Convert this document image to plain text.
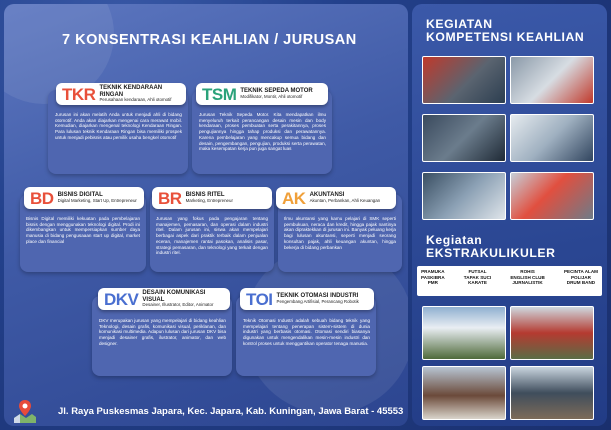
7 KONSENTRASI KEAHLIAN / JURUSAN
Jurusan ini akan melatih Anda untuk menjadi ahli di bidang otomotif. Anda akan diajarkan mengenai cara merawat mobil. Kemudian, diajarkan mengenal teknologi Kendaraan Ringan. Para lulusan teknik Kendaraan Ringan bisa memiliki prospek untuk menjadi pebisnis atau pemilik usaha bengkel otomotif
TKR TEKNIK KENDARAAN RINGAN
Perusahaan kendaraan, Ahli otomotif
Jurusan Teknik Sepeda Motor. Kita mendapatkan ilmu menyeluruh terkait perancangan desain mesin dan body kendaraan, proses pembuatan serta perakitannya, proses pengujiannya hingga tahap produksi dan perawatannya. Karena pembelajaran yang mencakup semua bidang dan desain, pengembangan, pengujian, produksi serta perawatan, maka kesempatan kerja pun juga sangat luas
TSM TEKNIK SEPEDA MOTOR
Modifikator, Montir, Ahli otomotif
Bisnis Digital memiliki kekuatan pada pembelajaran bisnis dengan menggunakan teknologi digital. Prodi ini dikembangkan untuk mempersiapkan sumber daya manusia di bidang pengusaaan start up digital, market place dan financial
BD BISNIS DIGITAL
Digital Marketing, Start Up, Entrepreneur
Jurusan yang fokus pada pengajaran tentang manajemen, pemasaran, dan operasi dalam industri ritel. Dalam jurusan ini, siswa akan mempelajari berbagai aspek dari praktik terbaik dalam penjualan eceran, manajemen rantai pasokan, analisis pasar, strategi pemasaran, dan teknologi yang terkait dengan industri ritel.
BR BISNIS RITEL
Marketing, Entrepreneur
Ilmu akuntansi yang kamu pelajari di SMK seperti pembukuan, neraca dan kredit, hingga pajak nantinya akan dipraktekkan di jurusan ini. Banyak peluang kerja bagi lulusan akuntansi, seperti menjadi seorang konsultan pajak, ahli keuangan akuntan, hingga bekerja di bidang perbankan
AK AKUNTANSI
Akuntan, Perbankan, Ahli Keuangan
DKV merupakan jurusan yang mempelajari di bidang keahlian Teknologi, desain grafis, komunikasi visual, periklanan, dan komunikasi multimedia. Adapun lulusan dari jurusan DKV bisa menjadi desainer grafis, ilustrator, animator, dan web designer.
DKV DESAIN KOMUNIKASI VISUAL
Desainer, Illustrator, Editor, Animator
Teknik Otomasi Industri adalah sebuah bidang teknik yang mempelajari tentang penerapan sistem-sistem di dunia industri yang berbasis otomasi. Otomasi sendiri biasanya digunakan untuk mengendalikan mesin-mesin industri dan kontrol proses untuk menggantikan operator tenaga manusia.
TOI TEKNIK OTOMASI INDUSTRI
Pengembang Artifisial, Perancang Robotik
Jl. Raya Puskesmas Japara, Kec. Japara, Kab. Kuningan, Jawa Barat - 45553
KEGIATAN
KOMPETENSI KEAHLIAN
Kegiatan
EKSTRAKULIKULER
PRAMUKA
PASKIBRA
PMR
FUTSAL
TAPAK SUCI
KARATE
ROHIS
ENGLISH CLUB
JURNALISTIK
PECINTA ALAM
POLIJAR
DRUM BAND
